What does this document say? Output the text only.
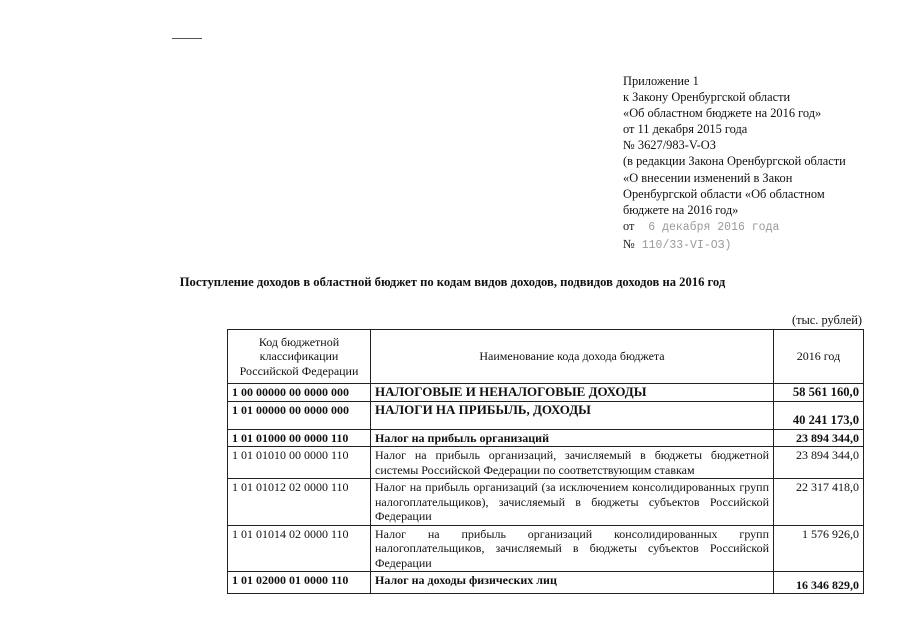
Приложение 1
к Закону Оренбургской области
«Об областном бюджете на 2016 год»
от 11 декабря 2015 года
№ 3627/983-V-ОЗ
(в редакции Закона Оренбургской области
«О внесении изменений в Закон
Оренбургской области «Об областном
бюджете на 2016 год»
от 6 декабря 2016 года
№ 110/33-VI-ОЗ)
Поступление доходов в областной бюджет по кодам видов доходов, подвидов доходов на 2016 год
(тыс. рублей)
Код бюджетной классификации Российской Федерации	Наименование кода дохода бюджета	2016 год
1 00 00000 00 0000 000	НАЛОГОВЫЕ И НЕНАЛОГОВЫЕ ДОХОДЫ	58 561 160,0
1 01 00000 00 0000 000	НАЛОГИ НА ПРИБЫЛЬ, ДОХОДЫ	40 241 173,0
1 01 01000 00 0000 110	Налог на прибыль организаций	23 894 344,0
1 01 01010 00 0000 110	Налог на прибыль организаций, зачисляемый в бюджеты бюджетной системы Российской Федерации по соответствующим ставкам	23 894 344,0
1 01 01012 02 0000 110	Налог на прибыль организаций (за исключением консолидированных групп налогоплательщиков), зачисляемый в бюджеты субъектов Российской Федерации	22 317 418,0
1 01 01014 02 0000 110	Налог на прибыль организаций консолидированных групп налогоплательщиков, зачисляемый в бюджеты субъектов Российской Федерации	1 576 926,0
1 01 02000 01 0000 110	Налог на доходы физических лиц	16 346 829,0
